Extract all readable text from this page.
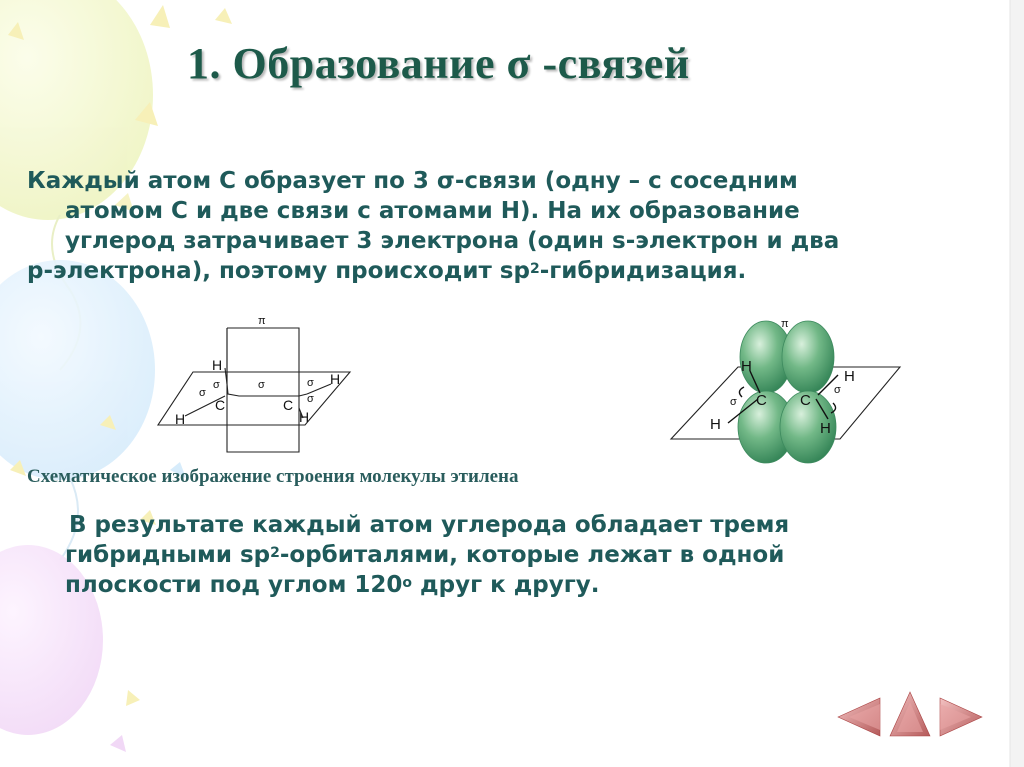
1. Образование σ -связей
Каждый атом С образует по 3 σ-связи (одну – с соседним
атомом С и две связи с атомами Н). На их образование
углерод затрачивает 3 электрона (один s-электрон и два
р-электрона), поэтому происходит $sp^2$-гибридизация.
π
H
σ
σ
σ	σ
σ
C	C
H
H
H
π
H
H
C C
σ
σ
H	H
Схематическое изображение строения молекулы этилена
В результате каждый атом углерода обладает тремя
гибридными $sp^2$-орбиталями, которые лежат в одной
плоскости под углом $120^о$ друг к другу.
